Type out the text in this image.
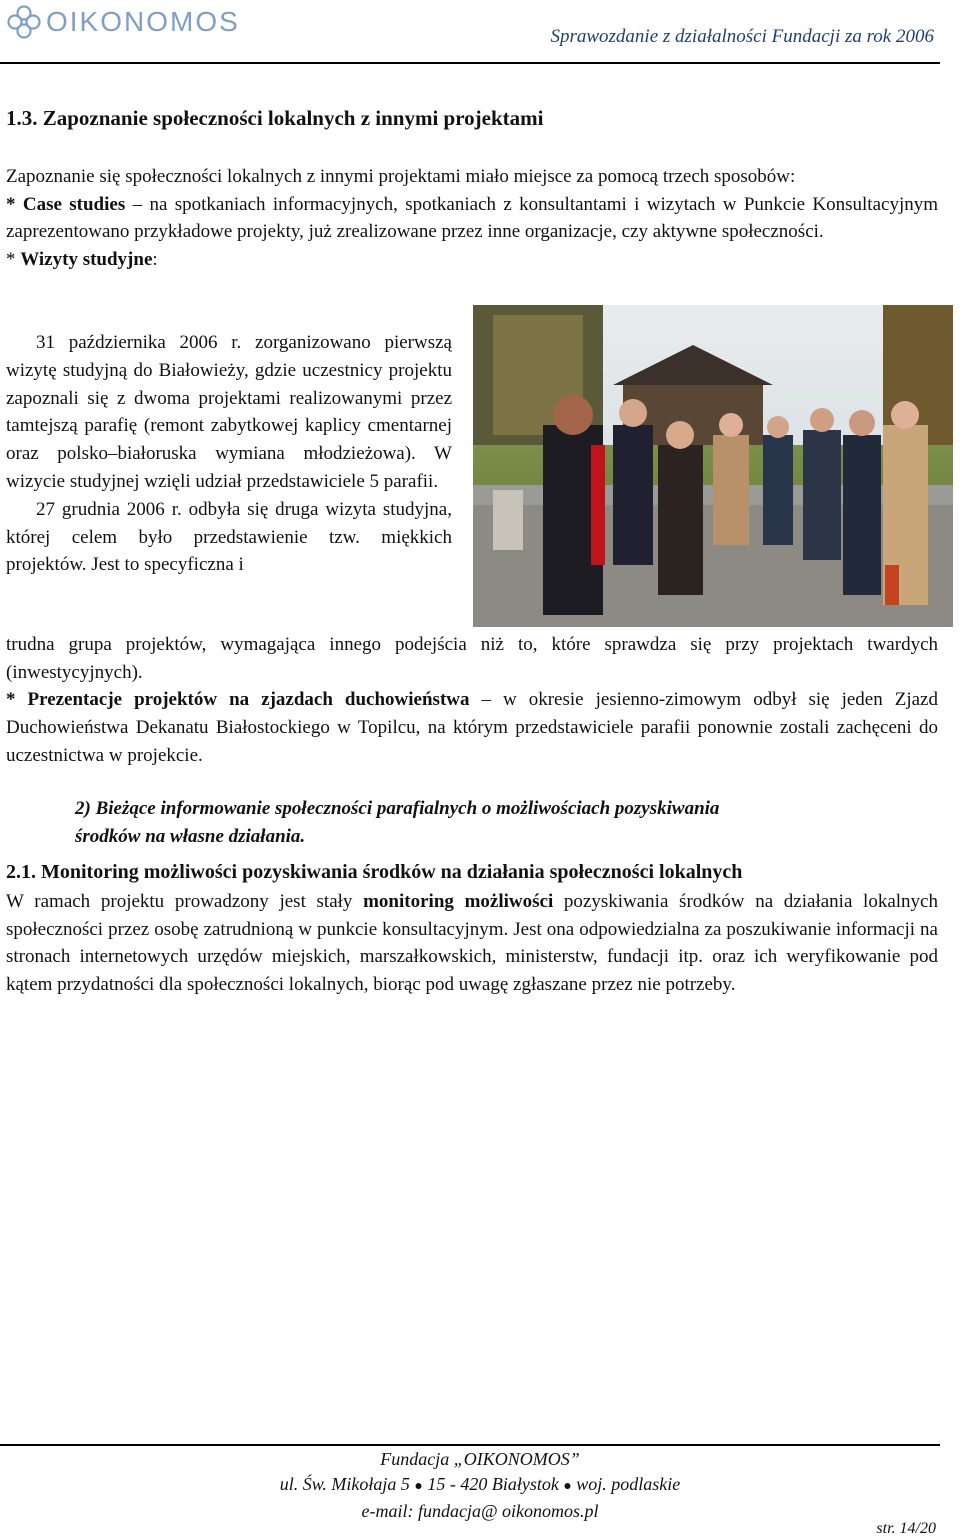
OIKONOMOS	Sprawozdanie z działalności Fundacji za rok 2006
1.3. Zapoznanie społeczności lokalnych z innymi projektami
Zapoznanie się społeczności lokalnych z innymi projektami miało miejsce za pomocą trzech sposobów:
* Case studies – na spotkaniach informacyjnych, spotkaniach z konsultantami i wizytach w Punkcie Konsultacyjnym zaprezentowano przykładowe projekty, już zrealizowane przez inne organizacje, czy aktywne społeczności.
* Wizyty studyjne:
31 października 2006 r. zorganizowano pierwszą wizytę studyjną do Białowieży, gdzie uczestnicy projektu zapoznali się z dwoma projektami realizowanymi przez tamtejszą parafię (remont zabytkowej kaplicy cmentarnej oraz polsko–białoruska wymiana młodzieżowa). W wizycie studyjnej wzięli udział przedstawiciele 5 parafii.
27 grudnia 2006 r. odbyła się druga wizyta studyjna, której celem było przedstawienie tzw. miękkich projektów. Jest to specyficzna i
trudna grupa projektów, wymagająca innego podejścia niż to, które sprawdza się przy projektach twardych (inwestycyjnych).
* Prezentacje projektów na zjazdach duchowieństwa – w okresie jesienno-zimowym odbył się jeden Zjazd Duchowieństwa Dekanatu Białostockiego w Topilcu, na którym przedstawiciele parafii ponownie zostali zachęceni do uczestnictwa w projekcie.
2) Bieżące informowanie społeczności parafialnych o możliwościach pozyskiwania
środków na własne działania.
2.1. Monitoring możliwości pozyskiwania środków na działania społeczności lokalnych
W ramach projektu prowadzony jest stały monitoring możliwości pozyskiwania środków na działania lokalnych społeczności przez osobę zatrudnioną w punkcie konsultacyjnym. Jest ona odpowiedzialna za poszukiwanie informacji na stronach internetowych urzędów miejskich, marszałkowskich, ministerstw, fundacji itp. oraz ich weryfikowanie pod kątem przydatności dla społeczności lokalnych, biorąc pod uwagę zgłaszane przez nie potrzeby.
Fundacja „OIKONOMOS”
ul. Św. Mikołaja 5 ● 15 - 420 Białystok ● woj. podlaskie
e-mail: fundacja@ oikonomos.pl
str. 14/20
